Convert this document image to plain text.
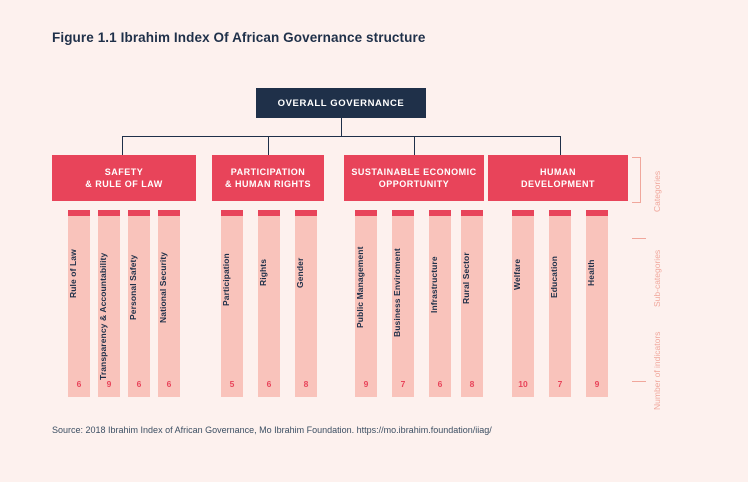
Figure 1.1 Ibrahim Index Of African Governance structure
OVERALL GOVERNANCE
SAFETY
& RULE OF LAW
Rule of Law
6
Transparency & Accountability
9
Personal Safety
6
National Security
6
PARTICIPATION
& HUMAN RIGHTS
Participation
5
Rights
6
Gender
8
SUSTAINABLE ECONOMIC
OPPORTUNITY
Public Management
9
Business Enviroment
7
Infrastructure
6
Rural Sector
8
HUMAN
DEVELOPMENT
Welfare
10
Education
7
Health
9
Categories
Sub-categories
Number of indicators
Source: 2018 Ibrahim Index of African Governance, Mo Ibrahim Foundation. https://mo.ibrahim.foundation/iiag/
